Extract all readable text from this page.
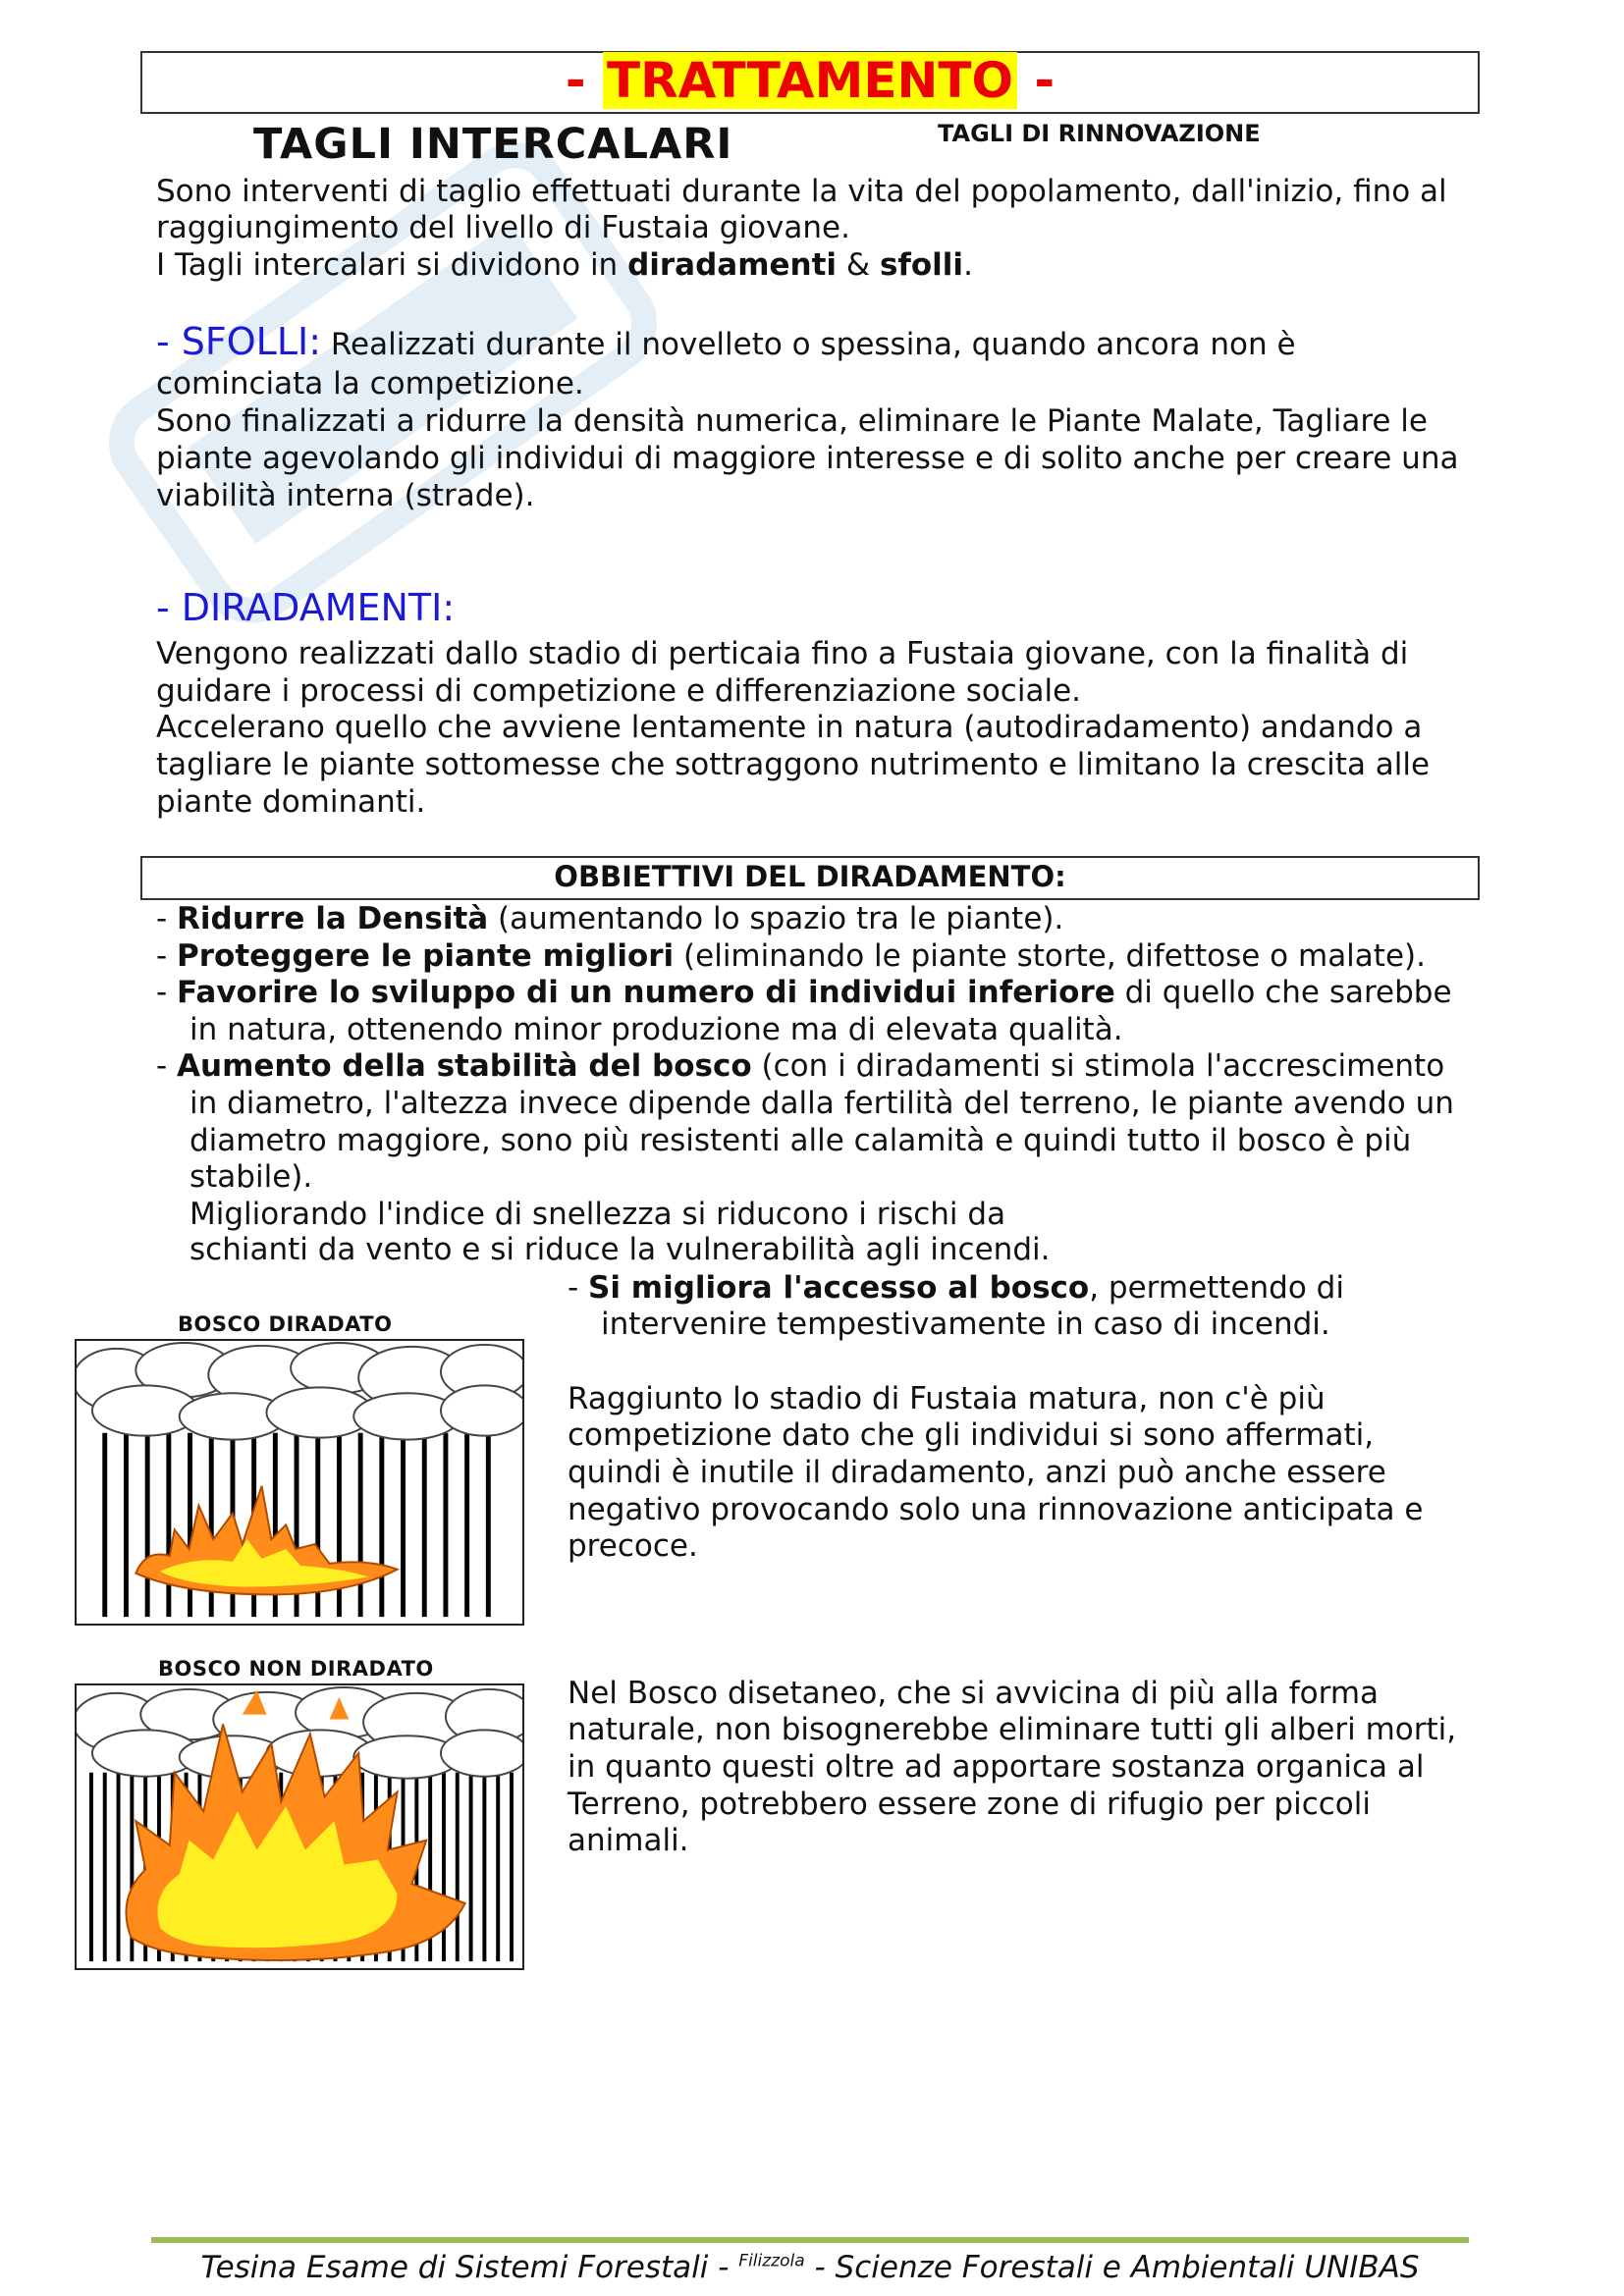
- TRATTAMENTO -
TAGLI INTERCALARI	TAGLI DI RINNOVAZIONE
Sono interventi di taglio effettuati durante la vita del popolamento, dall'inizio, fino al
raggiungimento del livello di Fustaia giovane.
I Tagli intercalari si dividono in diradamenti & sfolli.
- SFOLLI: Realizzati durante il novelleto o spessina, quando ancora non è
cominciata la competizione.
Sono finalizzati a ridurre la densità numerica, eliminare le Piante Malate, Tagliare le
piante agevolando gli individui di maggiore interesse e di solito anche per creare una
viabilità interna (strade).
- DIRADAMENTI:
Vengono realizzati dallo stadio di perticaia fino a Fustaia giovane, con la finalità di
guidare i processi di competizione e differenziazione sociale.
Accelerano quello che avviene lentamente in natura (autodiradamento) andando a
tagliare le piante sottomesse che sottraggono nutrimento e limitano la crescita alle
piante dominanti.
OBBIETTIVI DEL DIRADAMENTO:
- Ridurre la Densità (aumentando lo spazio tra le piante).
- Proteggere le piante migliori (eliminando le piante storte, difettose o malate).
- Favorire lo sviluppo di un numero di individui inferiore di quello che sarebbe
in natura, ottenendo minor produzione ma di elevata qualità.
- Aumento della stabilità del bosco (con i diradamenti si stimola l'accrescimento
in diametro, l'altezza invece dipende dalla fertilità del terreno, le piante avendo un
diametro maggiore, sono più resistenti alle calamità e quindi tutto il bosco è più
stabile).
Migliorando l'indice di snellezza si riducono i rischi da
schianti da vento e si riduce la vulnerabilità agli incendi.
- Si migliora l'accesso al bosco, permettendo di
intervenire tempestivamente in caso di incendi.
Raggiunto lo stadio di Fustaia matura, non c'è più
competizione dato che gli individui si sono affermati,
quindi è inutile il diradamento, anzi può anche essere
negativo provocando solo una rinnovazione anticipata e
precoce.
Nel Bosco disetaneo, che si avvicina di più alla forma
naturale, non bisognerebbe eliminare tutti gli alberi morti,
in quanto questi oltre ad apportare sostanza organica al
Terreno, potrebbero essere zone di rifugio per piccoli
animali.
BOSCO DIRADATO
BOSCO NON DIRADATO
Tesina Esame di Sistemi Forestali - $^{Filizzola}$ - Scienze Forestali e Ambientali UNIBAS
